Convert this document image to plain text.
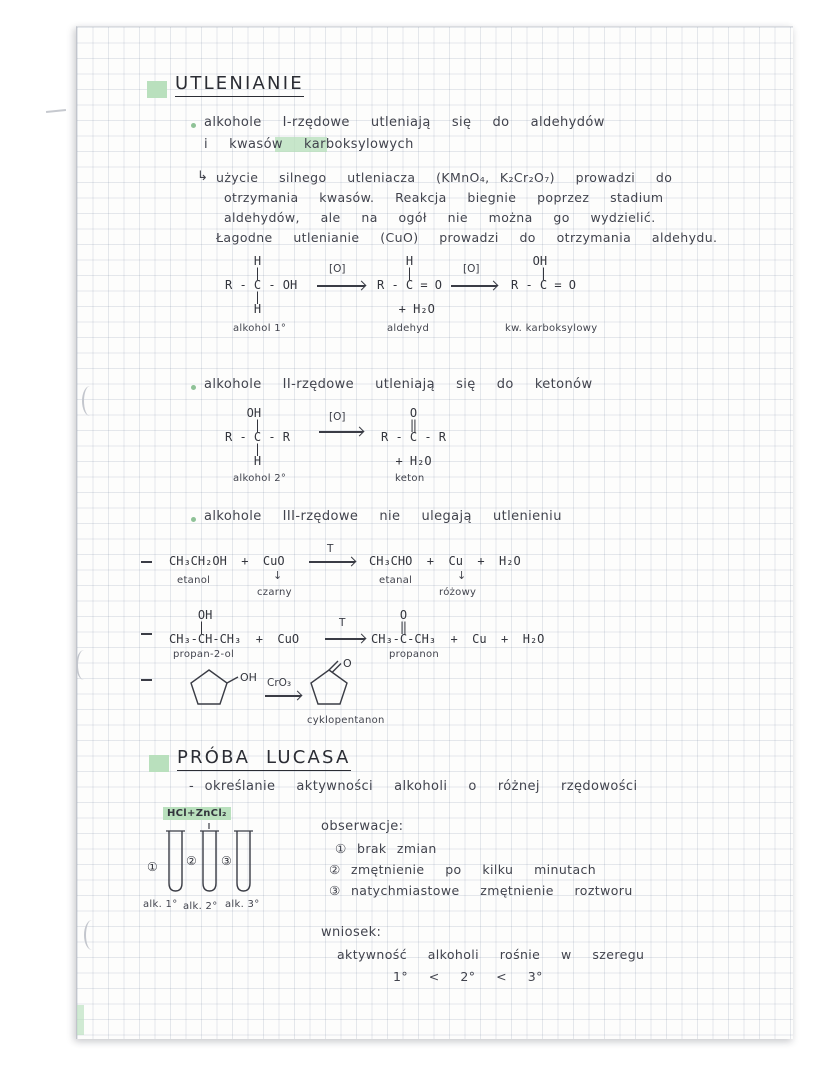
UTLENIANIE
alkohole  I-rzędowe  utleniają  się  do  aldehydów
i  kwasów  karboksylowych
↳ użycie  silnego  utleniacza  (KMnO₄, K₂Cr₂O₇)  prowadzi  do
otrzymania  kwasów.  Reakcja  biegnie  poprzez  stadium
aldehydów,  ale  na  ogół  nie  można  go  wydzielić.
Łagodne  utlenianie  (CuO)  prowadzi  do  otrzymania  aldehydu.
H
|
R - C - OH
|
H
[O]
H
|
R - C = O

+ H₂O
[O]
OH
|
R - C = O
alkohol 1°	aldehyd	kw. karboksylowy
alkohole  II-rzędowe  utleniają  się  do  ketonów
OH
|
R - C - R
|
H
[O]	O
‖
R - C - R

+ H₂O
alkohol 2°	keton
alkohole  III-rzędowe  nie  ulegają  utlenieniu
CH₃CH₂OH  +  CuO
T
CH₃CHO  +  Cu  +  H₂O
etanol	↓
czarny
etanal	↓
różowy
OH
|
CH₃-CH-CH₃  +  CuO
T
O
‖
CH₃-C-CH₃  +  Cu  +  H₂O
propan-2-ol	propanon
OH CrO₃
O
cyklopentanon
PRÓBA  LUCASA
- określanie  aktywności  alkoholi  o  różnej  rzędowości
HCl+ZnCl₂
① ② ③
alk. 1° alk. 2° alk. 3°
obserwacje:
① brak zmian
② zmętnienie  po  kilku  minutach
③ natychmiastowe  zmętnienie  roztworu
wniosek:
aktywność  alkoholi  rośnie  w  szeregu
1°  <  2°  <  3°
